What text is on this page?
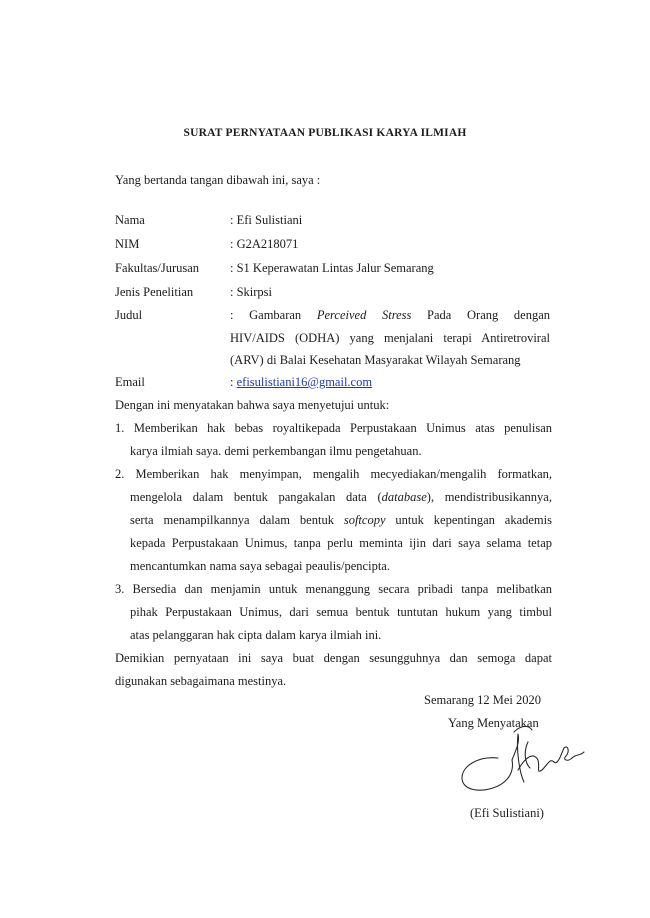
SURAT PERNYATAAN PUBLIKASI KARYA ILMIAH
Yang bertanda tangan dibawah ini, saya :
Nama	: Efi Sulistiani
NIM	: G2A218071
Fakultas/Jurusan : S1 Keperawatan Lintas Jalur Semarang
Jenis Penelitian	: Skirpsi
Judul	: Gambaran Perceived Stress Pada Orang dengan
HIV/AIDS (ODHA) yang menjalani terapi Antiretroviral
(ARV) di Balai Kesehatan Masyarakat Wilayah Semarang
Email	: efisulistiani16@gmail.com
Dengan ini menyatakan bahwa saya menyetujui untuk:
1. Memberikan hak bebas royaltikepada Perpustakaan Unimus atas penulisan
karya ilmiah saya. demi perkembangan ilmu pengetahuan.
2. Memberikan hak menyimpan, mengalih mecyediakan/mengalih formatkan,
mengelola dalam bentuk pangakalan data (database), mendistribusikannya,
serta menampilkannya dalam bentuk softcopy untuk kepentingan akademis
kepada Perpustakaan Unimus, tanpa perlu meminta ijin dari saya selama tetap
mencantumkan nama saya sebagai peaulis/pencipta.
3. Bersedia dan menjamin untuk menanggung secara pribadi tanpa melibatkan
pihak Perpustakaan Unimus, dari semua bentuk tuntutan hukum yang timbul
atas pelanggaran hak cipta dalam karya ilmiah ini.
Demikian pernyataan ini saya buat dengan sesungguhnya dan semoga dapat
digunakan sebagaimana mestinya.
Semarang 12 Mei 2020
Yang Menyatakan
(Efi Sulistiani)
